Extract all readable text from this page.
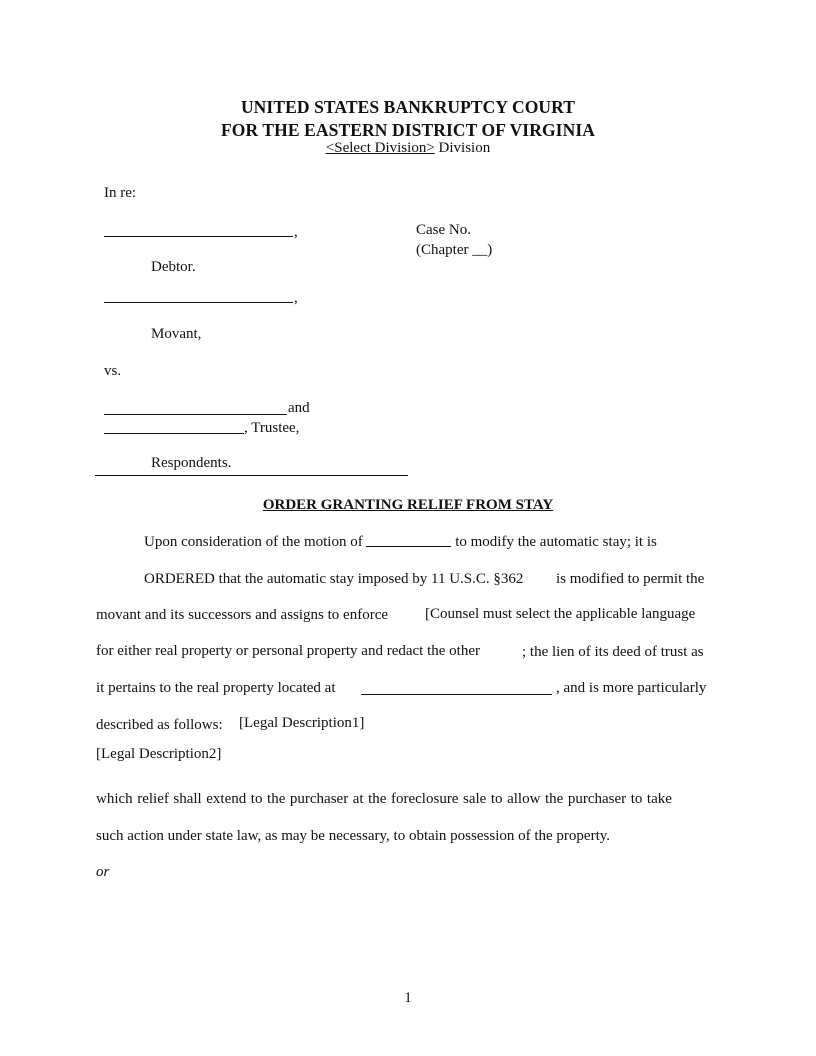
UNITED STATES BANKRUPTCY COURT
FOR THE EASTERN DISTRICT OF VIRGINIA
<Select Division> Division
In re:
,
Debtor.
,
Movant,
vs.
and
, Trustee,
Respondents.
Case No.
(Chapter __)
ORDER GRANTING RELIEF FROM STAY
Upon consideration of the motion of	to modify the automatic stay; it is
ORDERED that the automatic stay imposed by 11 U.S.C. §362 is modified to permit the
movant and its successors and assigns to enforce [Counsel must select the applicable language
for either real property or personal property and redact the other	; the lien of its deed of trust as
it pertains to the real property located at	, and is more particularly
described as follows: [Legal Description1]
[Legal Description2]
which relief shall extend to the purchaser at the foreclosure sale to allow the purchaser to take
such action under state law, as may be necessary, to obtain possession of the property.
or
1
